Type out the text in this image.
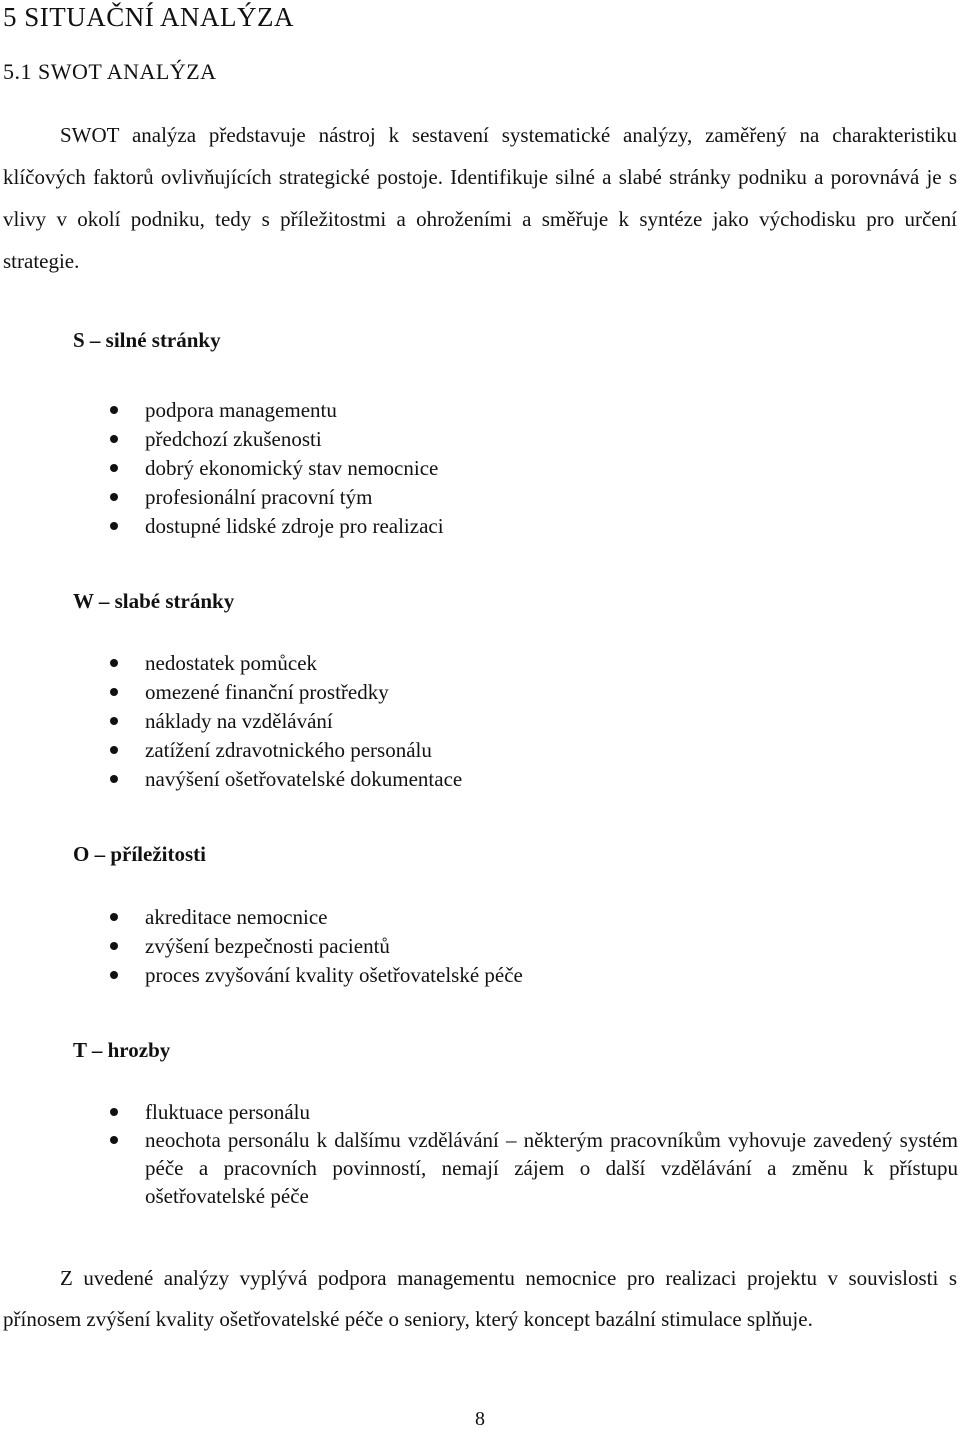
5 SITUAČNÍ ANALÝZA
5.1 SWOT ANALÝZA

SWOT analýza představuje nástroj k sestavení systematické analýzy, zaměřený na charakteristiku klíčových faktorů ovlivňujících strategické postoje. Identifikuje silné a slabé stránky podniku a porovnává je s vlivy v okolí podniku, tedy s příležitostmi a ohroženími a směřuje k syntéze jako východisku pro určení strategie.

S – silné stránky
podpora managementu
předchozí zkušenosti
dobrý ekonomický stav nemocnice
profesionální pracovní tým
dostupné lidské zdroje pro realizaci
W – slabé stránky
nedostatek pomůcek
omezené finanční prostředky
náklady na vzdělávání
zatížení zdravotnického personálu
navýšení ošetřovatelské dokumentace
O – příležitosti
akreditace nemocnice
zvýšení bezpečnosti pacientů
proces zvyšování kvality ošetřovatelské péče
T – hrozby
fluktuace personálu
neochota personálu k dalšímu vzdělávání – některým pracovníkům vyhovuje zavedený systém péče a pracovních povinností, nemají zájem o další vzdělávání a změnu k přístupu ošetřovatelské péče

Z uvedené analýzy vyplývá podpora managementu nemocnice pro realizaci projektu v souvislosti s přínosem zvýšení kvality ošetřovatelské péče o seniory, který koncept bazální stimulace splňuje.

8
